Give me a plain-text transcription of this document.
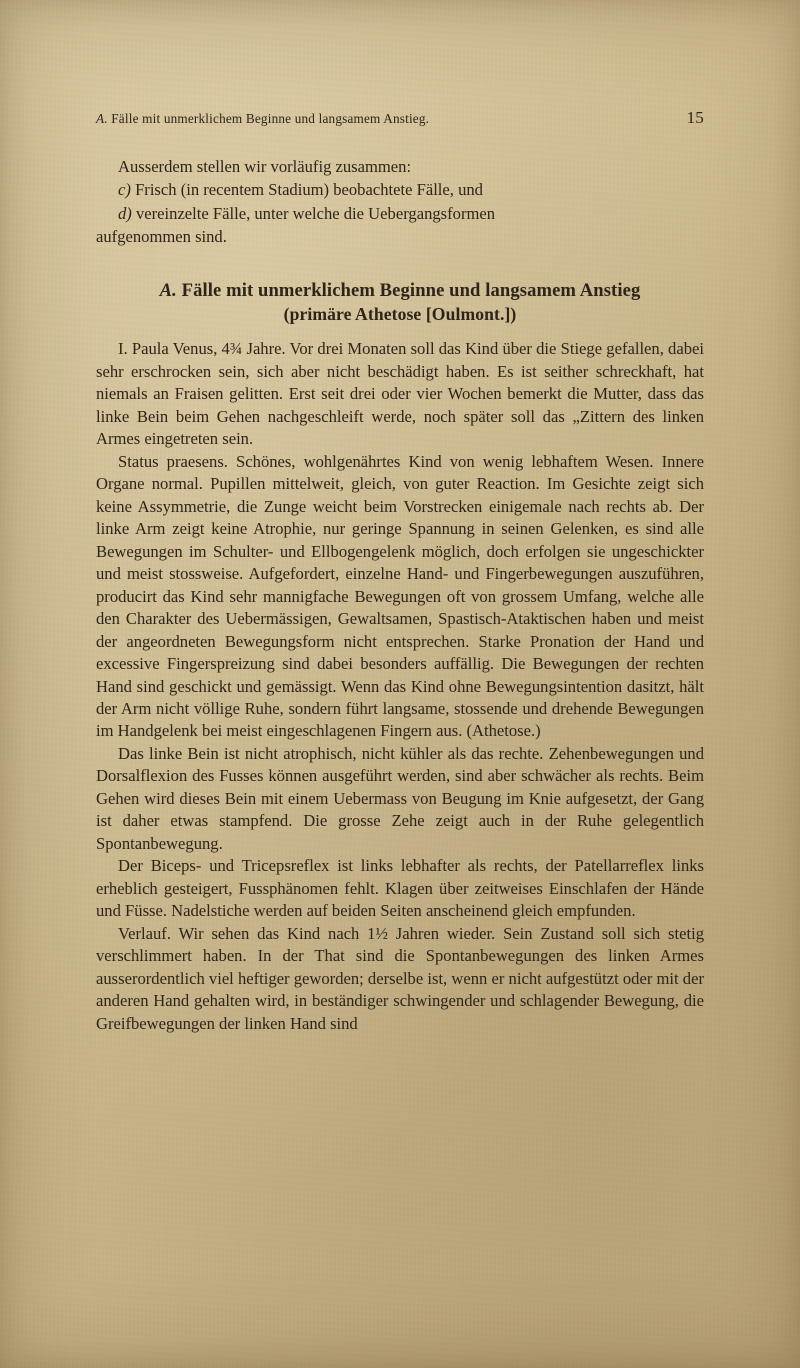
A. Fälle mit unmerklichem Beginne und langsamem Anstieg.	15

Ausserdem stellen wir vorläufig zusammen:

c) Frisch (in recentem Stadium) beobachtete Fälle, und

d) vereinzelte Fälle, unter welche die Uebergangsformen

aufgenommen sind.

A. Fälle mit unmerklichem Beginne und langsamem Anstieg
(primäre Athetose [Oulmont.])

I. Paula Venus, 4¾ Jahre. Vor drei Monaten soll das Kind über die Stiege gefallen, dabei sehr erschrocken sein, sich aber nicht beschädigt haben. Es ist seither schreckhaft, hat niemals an Fraisen gelitten. Erst seit drei oder vier Wochen bemerkt die Mutter, dass das linke Bein beim Gehen nachgeschleift werde, noch später soll das „Zittern des linken Armes eingetreten sein.

Status praesens. Schönes, wohlgenährtes Kind von wenig lebhaftem Wesen. Innere Organe normal. Pupillen mittelweit, gleich, von guter Reaction. Im Gesichte zeigt sich keine Assymmetrie, die Zunge weicht beim Vorstrecken einigemale nach rechts ab. Der linke Arm zeigt keine Atrophie, nur geringe Spannung in seinen Gelenken, es sind alle Bewegungen im Schulter- und Ellbogengelenk möglich, doch erfolgen sie ungeschickter und meist stossweise. Aufgefordert, einzelne Hand- und Fingerbewegungen auszuführen, producirt das Kind sehr mannigfache Bewegungen oft von grossem Umfang, welche alle den Charakter des Uebermässigen, Gewaltsamen, Spastisch-Ataktischen haben und meist der angeordneten Bewegungsform nicht entsprechen. Starke Pronation der Hand und excessive Fingerspreizung sind dabei besonders auffällig. Die Bewegungen der rechten Hand sind geschickt und gemässigt. Wenn das Kind ohne Bewegungsintention dasitzt, hält der Arm nicht völlige Ruhe, sondern führt langsame, stossende und drehende Bewegungen im Handgelenk bei meist eingeschlagenen Fingern aus. (Athetose.)

Das linke Bein ist nicht atrophisch, nicht kühler als das rechte. Zehenbewegungen und Dorsalflexion des Fusses können ausgeführt werden, sind aber schwächer als rechts. Beim Gehen wird dieses Bein mit einem Uebermass von Beugung im Knie aufgesetzt, der Gang ist daher etwas stampfend. Die grosse Zehe zeigt auch in der Ruhe gelegentlich Spontanbewegung.

Der Biceps- und Tricepsreflex ist links lebhafter als rechts, der Patellarreflex links erheblich gesteigert, Fussphänomen fehlt. Klagen über zeitweises Einschlafen der Hände und Füsse. Nadelstiche werden auf beiden Seiten anscheinend gleich empfunden.

Verlauf. Wir sehen das Kind nach 1½ Jahren wieder. Sein Zustand soll sich stetig verschlimmert haben. In der That sind die Spontanbewegungen des linken Armes ausserordentlich viel heftiger geworden; derselbe ist, wenn er nicht aufgestützt oder mit der anderen Hand gehalten wird, in beständiger schwingender und schlagender Bewegung, die Greifbewegungen der linken Hand sind
